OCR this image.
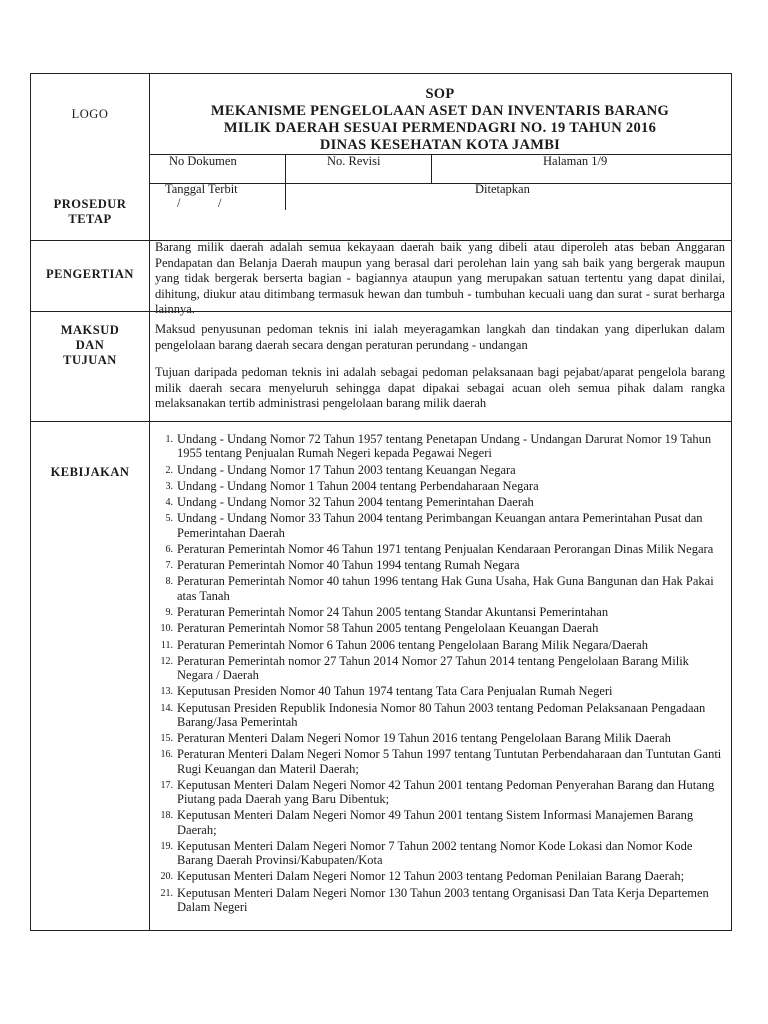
LOGO
SOP
MEKANISME PENGELOLAAN ASET DAN INVENTARIS BARANG
MILIK DAERAH SESUAI PERMENDAGRI NO. 19 TAHUN 2016
DINAS KESEHATAN KOTA JAMBI
No Dokumen	No. Revisi	Halaman 1/9
PROSEDUR TETAP
Tanggal Terbit
/            /
Ditetapkan
PENGERTIAN
Barang milik daerah adalah semua kekayaan daerah baik yang dibeli atau diperoleh atas beban Anggaran Pendapatan dan Belanja Daerah maupun yang berasal dari perolehan lain yang sah baik yang bergerak maupun yang tidak bergerak berserta bagian - bagiannya ataupun yang merupakan satuan tertentu yang dapat dinilai, dihitung, diukur atau ditimbang termasuk hewan dan tumbuh - tumbuhan kecuali uang dan surat - surat berharga lainnya.
MAKSUD DAN TUJUAN
Maksud penyusunan pedoman teknis ini ialah meyeragamkan langkah dan tindakan yang diperlukan dalam pengelolaan barang daerah secara dengan peraturan perundang - undangan
Tujuan daripada pedoman teknis ini adalah sebagai pedoman pelaksanaan bagi pejabat/aparat pengelola barang milik daerah secara menyeluruh sehingga dapat dipakai sebagai acuan oleh semua pihak dalam rangka melaksanakan tertib administrasi pengelolaan barang milik daerah
KEBIJAKAN
1. Undang - Undang Nomor 72 Tahun 1957 tentang Penetapan Undang - Undangan Darurat Nomor 19 Tahun 1955 tentang Penjualan Rumah Negeri kepada Pegawai Negeri
2. Undang - Undang Nomor 17 Tahun 2003 tentang Keuangan Negara
3. Undang - Undang Nomor 1 Tahun 2004 tentang Perbendaharaan Negara
4. Undang - Undang Nomor 32 Tahun 2004 tentang Pemerintahan Daerah
5. Undang - Undang Nomor 33 Tahun 2004 tentang Perimbangan Keuangan antara Pemerintahan Pusat dan Pemerintahan Daerah
6. Peraturan Pemerintah Nomor 46 Tahun 1971 tentang Penjualan Kendaraan Perorangan Dinas Milik Negara
7. Peraturan Pemerintah Nomor 40 Tahun 1994 tentang Rumah Negara
8. Peraturan Pemerintah Nomor 40 tahun 1996 tentang Hak Guna Usaha, Hak Guna Bangunan dan Hak Pakai atas Tanah
9. Peraturan Pemerintah Nomor 24 Tahun 2005 tentang Standar Akuntansi Pemerintahan
10. Peraturan Pemerintah Nomor 58 Tahun 2005 tentang Pengelolaan Keuangan Daerah
11. Peraturan Pemerintah Nomor 6 Tahun 2006 tentang Pengelolaan Barang Milik Negara/Daerah
12. Peraturan Pemerintah nomor 27 Tahun 2014 Nomor 27 Tahun 2014 tentang Pengelolaan Barang Milik Negara / Daerah
13. Keputusan Presiden Nomor 40 Tahun 1974 tentang Tata Cara Penjualan Rumah Negeri
14. Keputusan Presiden Republik Indonesia Nomor 80 Tahun 2003 tentang Pedoman Pelaksanaan Pengadaan Barang/Jasa Pemerintah
15. Peraturan Menteri Dalam Negeri Nomor 19 Tahun 2016 tentang Pengelolaan Barang Milik Daerah
16. Peraturan Menteri Dalam Negeri Nomor 5 Tahun 1997 tentang Tuntutan Perbendaharaan dan Tuntutan Ganti Rugi Keuangan dan Materil Daerah;
17. Keputusan Menteri Dalam Negeri Nomor 42 Tahun 2001 tentang Pedoman Penyerahan Barang dan Hutang Piutang pada Daerah yang Baru Dibentuk;
18. Keputusan Menteri Dalam Negeri Nomor 49 Tahun 2001 tentang Sistem Informasi Manajemen Barang Daerah;
19. Keputusan Menteri Dalam Negeri Nomor 7 Tahun 2002 tentang Nomor Kode Lokasi dan Nomor Kode Barang Daerah Provinsi/Kabupaten/Kota
20. Keputusan Menteri Dalam Negeri Nomor 12 Tahun 2003 tentang Pedoman Penilaian Barang Daerah;
21. Keputusan Menteri Dalam Negeri Nomor 130 Tahun 2003 tentang Organisasi Dan Tata Kerja Departemen Dalam Negeri
